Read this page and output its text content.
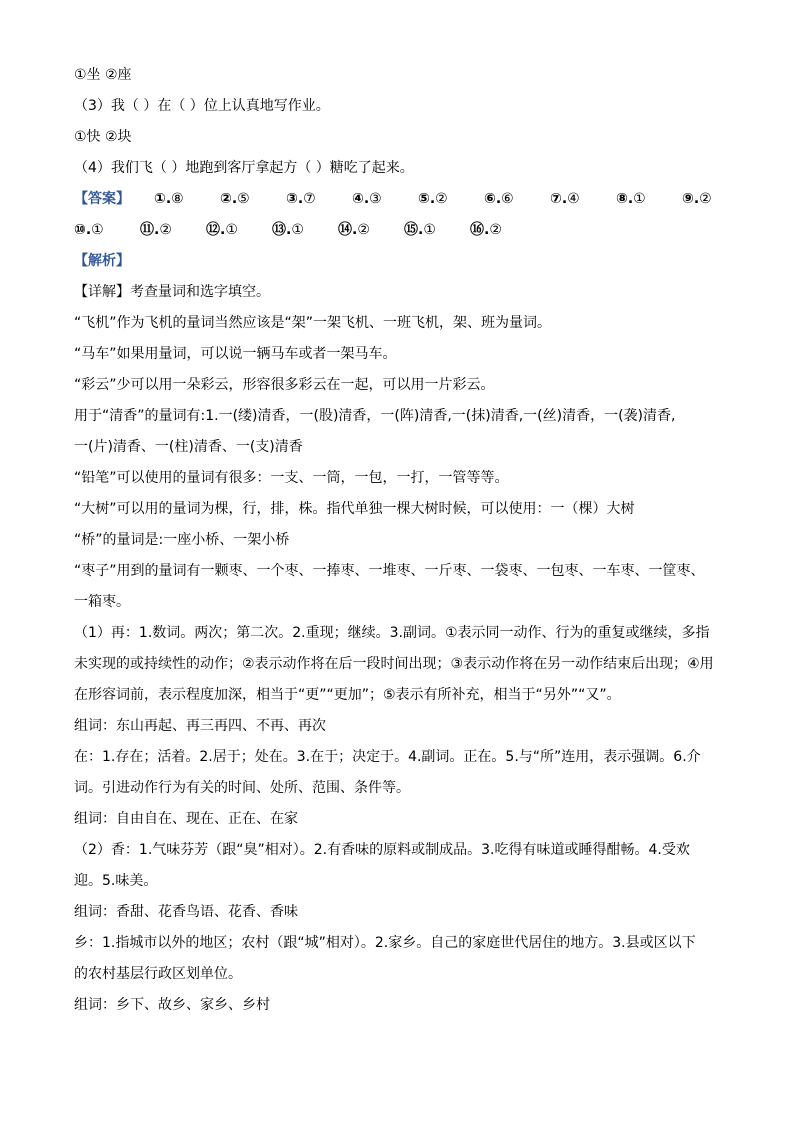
①坐 ②座
（3）我（ ）在（ ）位上认真地写作业。
①快 ②块
（4）我们飞（ ）地跑到客厅拿起方（ ）糖吃了起来。
【答案】	①.⑧	②.⑤	③.⑦	④.③	⑤.②	⑥.⑥	⑦.④	⑧.①	⑨.②
⑩.①	⑪.②	⑫.①	⑬.①	⑭.②	⑮.①	⑯.②
【解析】
【详解】考查量词和选字填空。
“飞机”作为飞机的量词当然应该是“架”一架飞机、一班飞机，架、班为量词。
“马车”如果用量词，可以说一辆马车或者一架马车。
“彩云”少可以用一朵彩云，形容很多彩云在一起，可以用一片彩云。
用于“清香”的量词有:1.一(缕)清香，一(股)清香，一(阵)清香,一(抹)清香,一(丝)清香，一(袭)清香,
一(片)清香、一(柱)清香、一(支)清香
“铅笔”可以使用的量词有很多：一支、一筒，一包，一打，一管等等。
“大树”可以用的量词为棵，行，排，株。指代单独一棵大树时候，可以使用：一（棵）大树
“桥”的量词是:一座小桥、一架小桥
“枣子”用到的量词有一颗枣、一个枣、一捧枣、一堆枣、一斤枣、一袋枣、一包枣、一车枣、一筐枣、
一箱枣。
（1）再：1.数词。两次；第二次。2.重现；继续。3.副词。①表示同一动作、行为的重复或继续，多指
未实现的或持续性的动作；②表示动作将在后一段时间出现；③表示动作将在另一动作结束后出现；④用
在形容词前，表示程度加深，相当于“更”“更加”；⑤表示有所补充，相当于“另外”“又”。
组词：东山再起、再三再四、不再、再次
在：1.存在；活着。2.居于；处在。3.在于；决定于。4.副词。正在。5.与“所”连用，表示强调。6.介
词。引进动作行为有关的时间、处所、范围、条件等。
组词：自由自在、现在、正在、在家
（2）香：1.气味芬芳（跟“臭”相对）。2.有香味的原料或制成品。3.吃得有味道或睡得酣畅。4.受欢
迎。5.味美。
组词：香甜、花香鸟语、花香、香味
乡：1.指城市以外的地区；农村（跟“城”相对）。2.家乡。自己的家庭世代居住的地方。3.县或区以下
的农村基层行政区划单位。
组词：乡下、故乡、家乡、乡村
